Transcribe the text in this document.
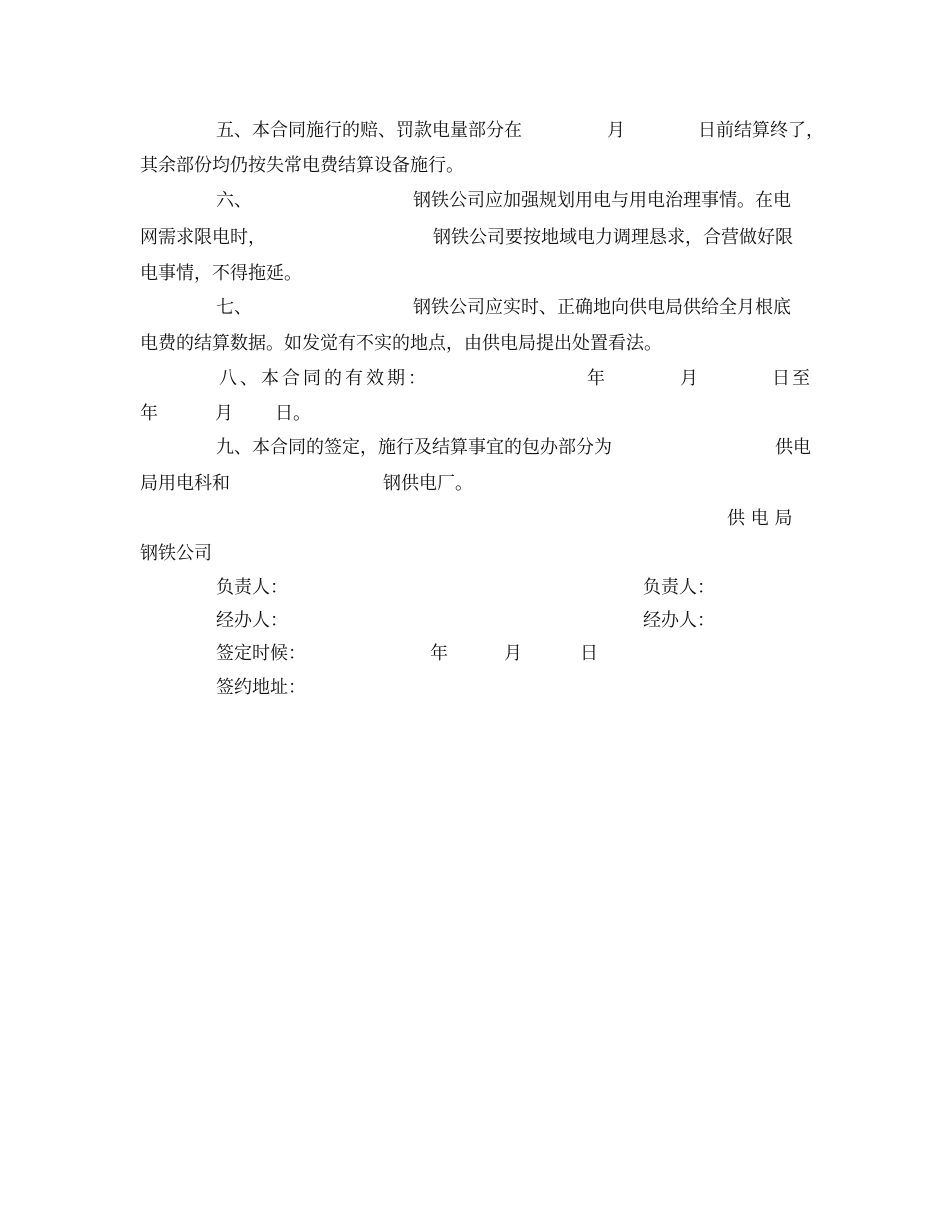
五、本合同施行的赔、罚款电量部分在	月	日前结算终了，
其余部份均仍按失常电费结算设备施行。
六、	钢铁公司应加强规划用电与用电治理事情。在电
网需求限电时，	钢铁公司要按地域电力调理恳求，合营做好限
电事情，不得拖延。
七、	钢铁公司应实时、正确地向供电局供给全月根底
电费的结算数据。如发觉有不实的地点，由供电局提出处置看法。
八、本合同的有效期：	年	月	日至
年	月 日。
九、本合同的签定，施行及结算事宜的包办部分为	供电
局用电科和	钢供电厂。
供 电 局
钢铁公司
负责人：	负责人：
经办人：	经办人：
签定时候：	年	月	日
签约地址：
